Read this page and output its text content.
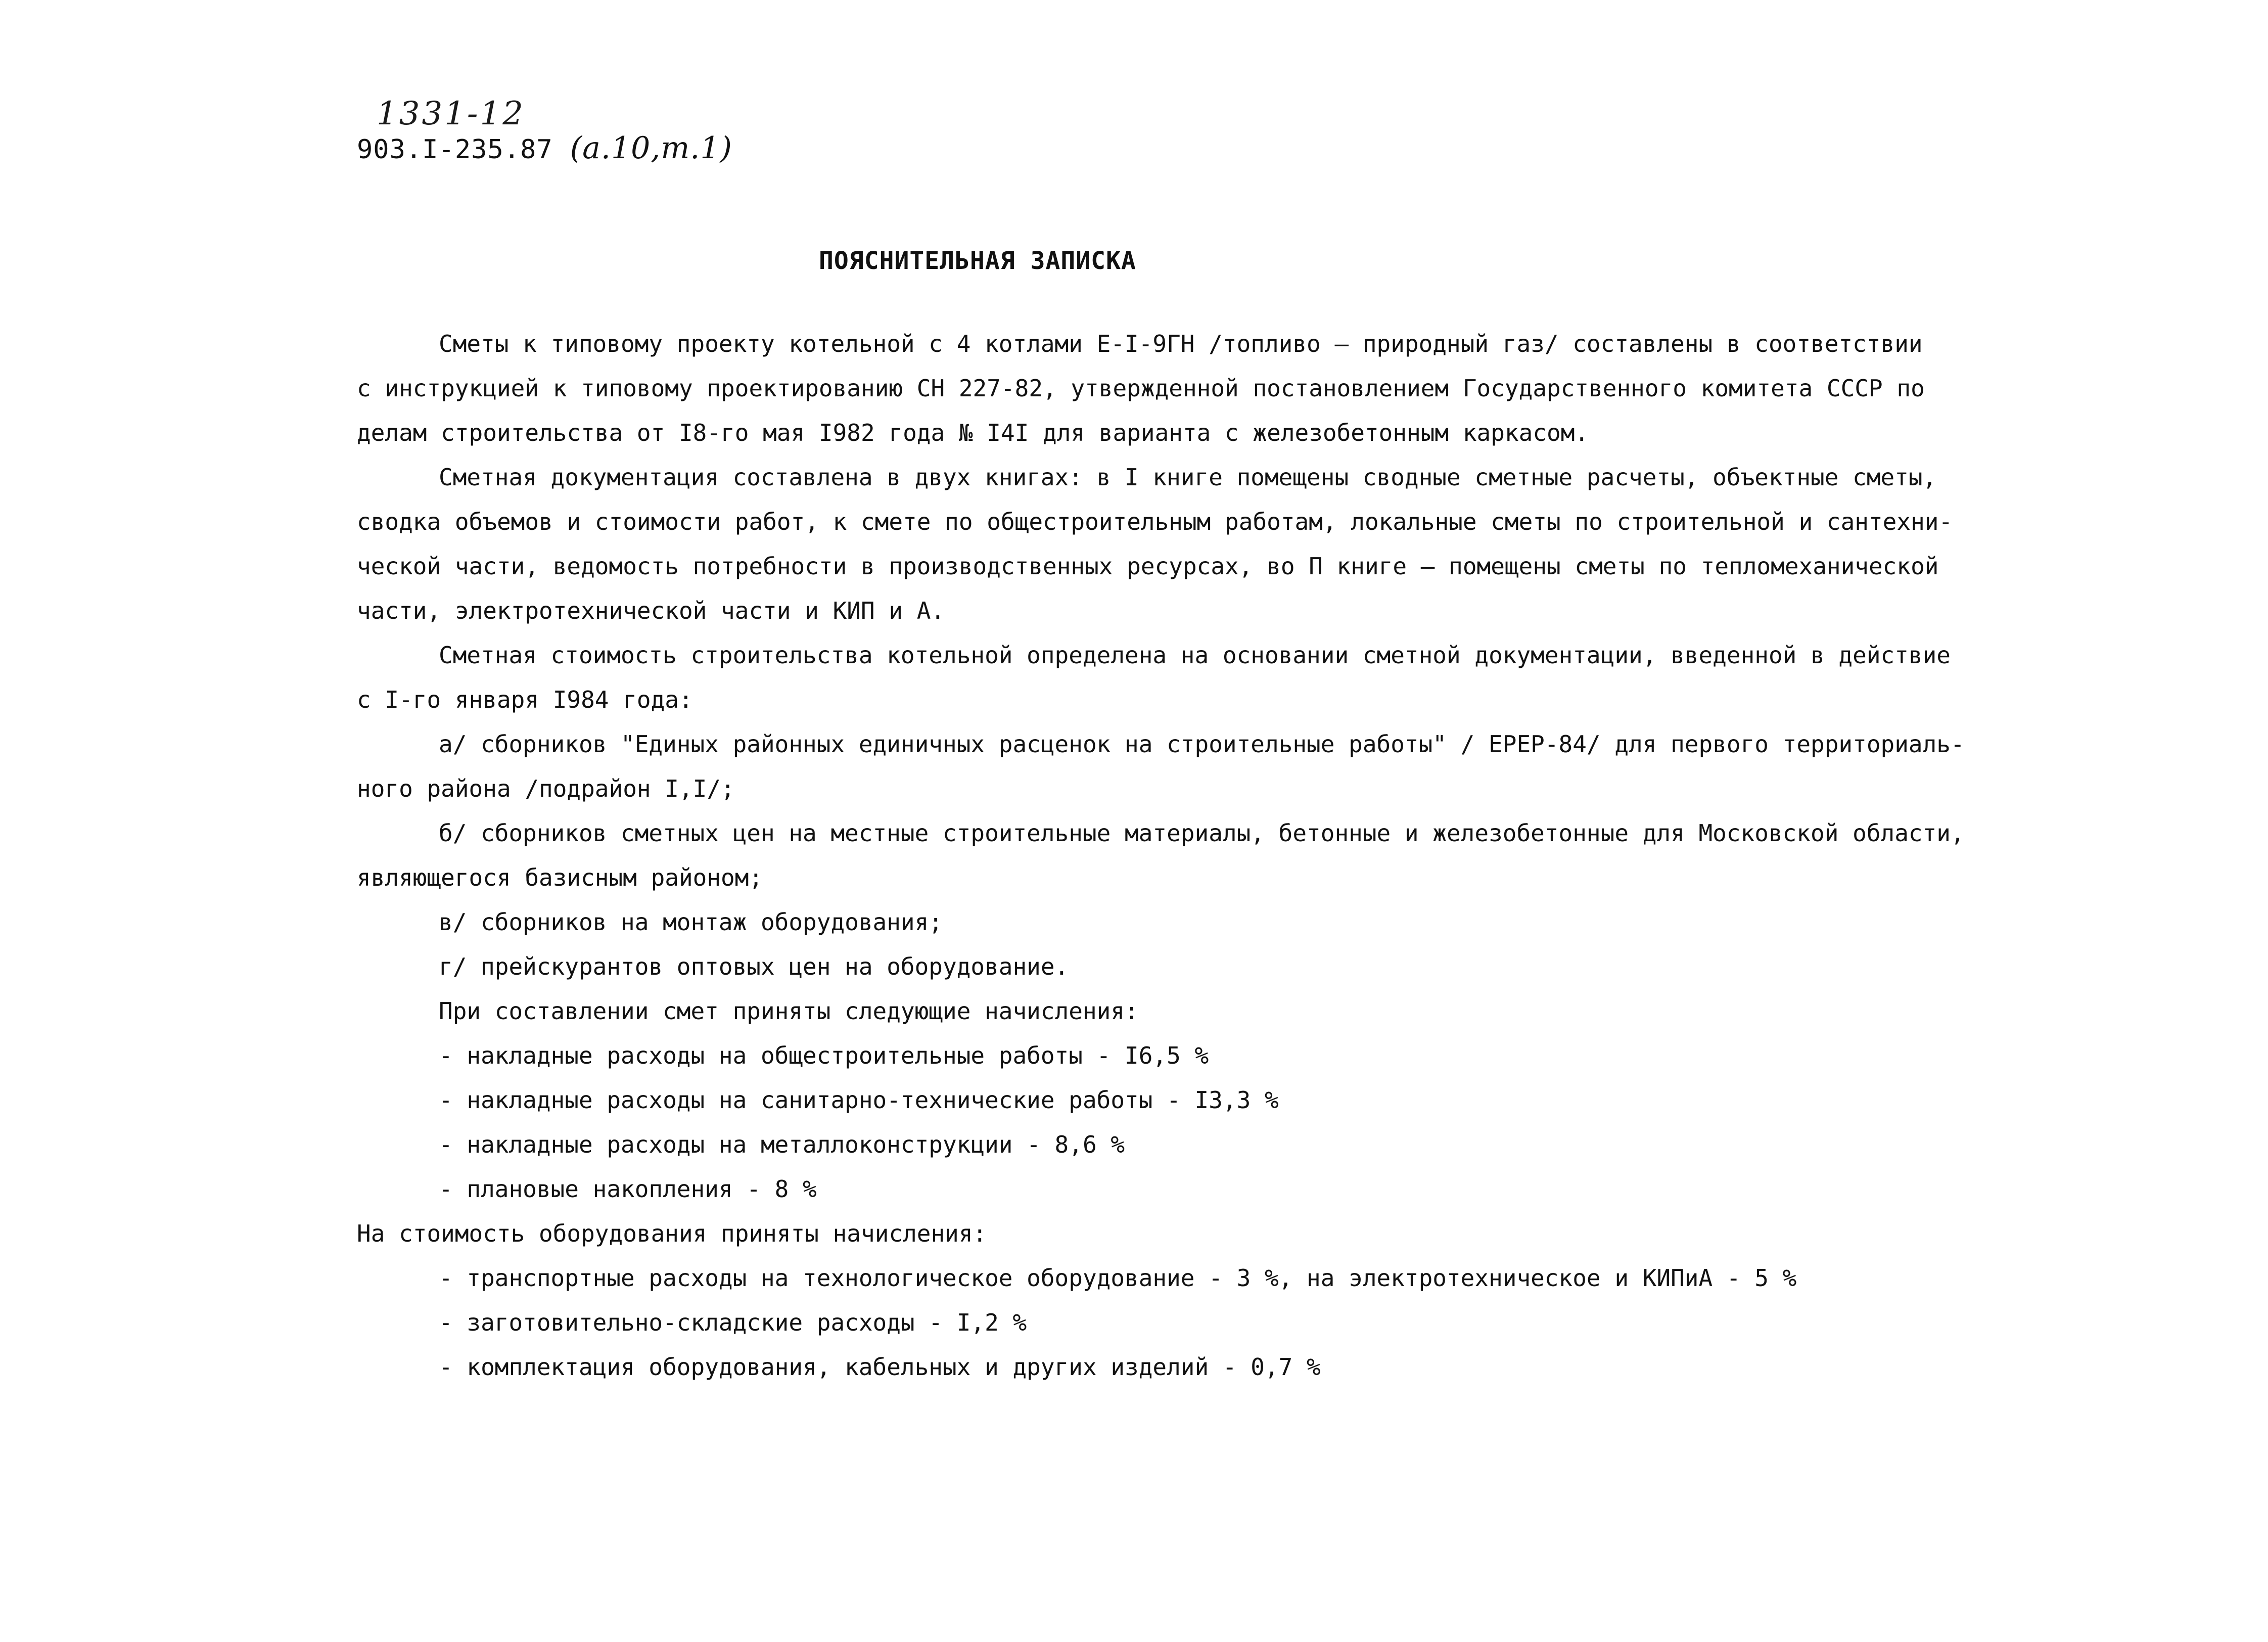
1331-12
903.I-235.87 (а.10,т.1)
ПОЯСНИТЕЛЬНАЯ ЗАПИСКА
Сметы к типовому проекту котельной с 4 котлами Е-I-9ГН /топливо – природный газ/ составлены в соответствии
с инструкцией к типовому проектированию СН 227-82, утвержденной постановлением Государственного комитета СССР по
делам строительства от I8-го мая I982 года № I4I для варианта с железобетонным каркасом.
Сметная документация составлена в двух книгах: в I книге помещены сводные сметные расчеты, объектные сметы,
сводка объемов и стоимости работ, к смете по общестроительным работам, локальные сметы по строительной и сантехни-
ческой части, ведомость потребности в производственных ресурсах, во П книге – помещены сметы по тепломеханической
части, электротехнической части и КИП и А.
Сметная стоимость строительства котельной определена на основании сметной документации, введенной в действие
с I-го января I984 года:
а/ сборников "Единых районных единичных расценок на строительные работы" / ЕРЕР-84/ для первого территориаль-
ного района /подрайон I,I/;
б/ сборников сметных цен на местные строительные материалы, бетонные и железобетонные для Московской области,
являющегося базисным районом;
в/ сборников на монтаж оборудования;
г/ прейскурантов оптовых цен на оборудование.
При составлении смет приняты следующие начисления:
- накладные расходы на общестроительные работы - I6,5 %
- накладные расходы на санитарно-технические работы - I3,3 %
- накладные расходы на металлоконструкции - 8,6 %
- плановые накопления - 8 %
На стоимость оборудования приняты начисления:
- транспортные расходы на технологическое оборудование - 3 %, на электротехническое и КИПиА - 5 %
- заготовительно-складские расходы - I,2 %
- комплектация оборудования, кабельных и других изделий - 0,7 %
